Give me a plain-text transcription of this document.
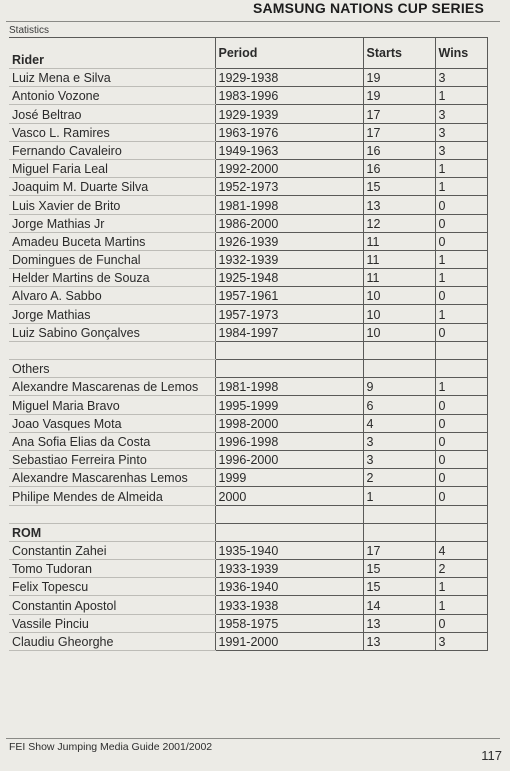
SAMSUNG NATIONS CUP SERIES
Statistics
Rider	Period	Starts	Wins
Luiz Mena e Silva	1929-1938	19	3
Antonio Vozone	1983-1996	19	1
José Beltrao	1929-1939	17	3
Vasco L. Ramires	1963-1976	17	3
Fernando Cavaleiro	1949-1963	16	3
Miguel Faria Leal	1992-2000	16	1
Joaquim M. Duarte Silva	1952-1973	15	1
Luis Xavier de Brito	1981-1998	13	0
Jorge Mathias Jr	1986-2000	12	0
Amadeu Buceta Martins	1926-1939	11	0
Domingues de Funchal	1932-1939	11	1
Helder Martins de Souza	1925-1948	11	1
Alvaro A. Sabbo	1957-1961	10	0
Jorge Mathias	1957-1973	10	1
Luiz Sabino Gonçalves	1984-1997	10	0

Others			
Alexandre Mascarenas de Lemos	1981-1998	9	1
Miguel Maria Bravo	1995-1999	6	0
Joao Vasques Mota	1998-2000	4	0
Ana Sofia Elias da Costa	1996-1998	3	0
Sebastiao Ferreira Pinto	1996-2000	3	0
Alexandre Mascarenhas Lemos	1999	2	0
Philipe Mendes de Almeida	2000	1	0

ROM			
Constantin Zahei	1935-1940	17	4
Tomo Tudoran	1933-1939	15	2
Felix Topescu	1936-1940	15	1
Constantin Apostol	1933-1938	14	1
Vassile Pinciu	1958-1975	13	0
Claudiu Gheorghe	1991-2000	13	3
FEI Show Jumping Media Guide 2001/2002
117
